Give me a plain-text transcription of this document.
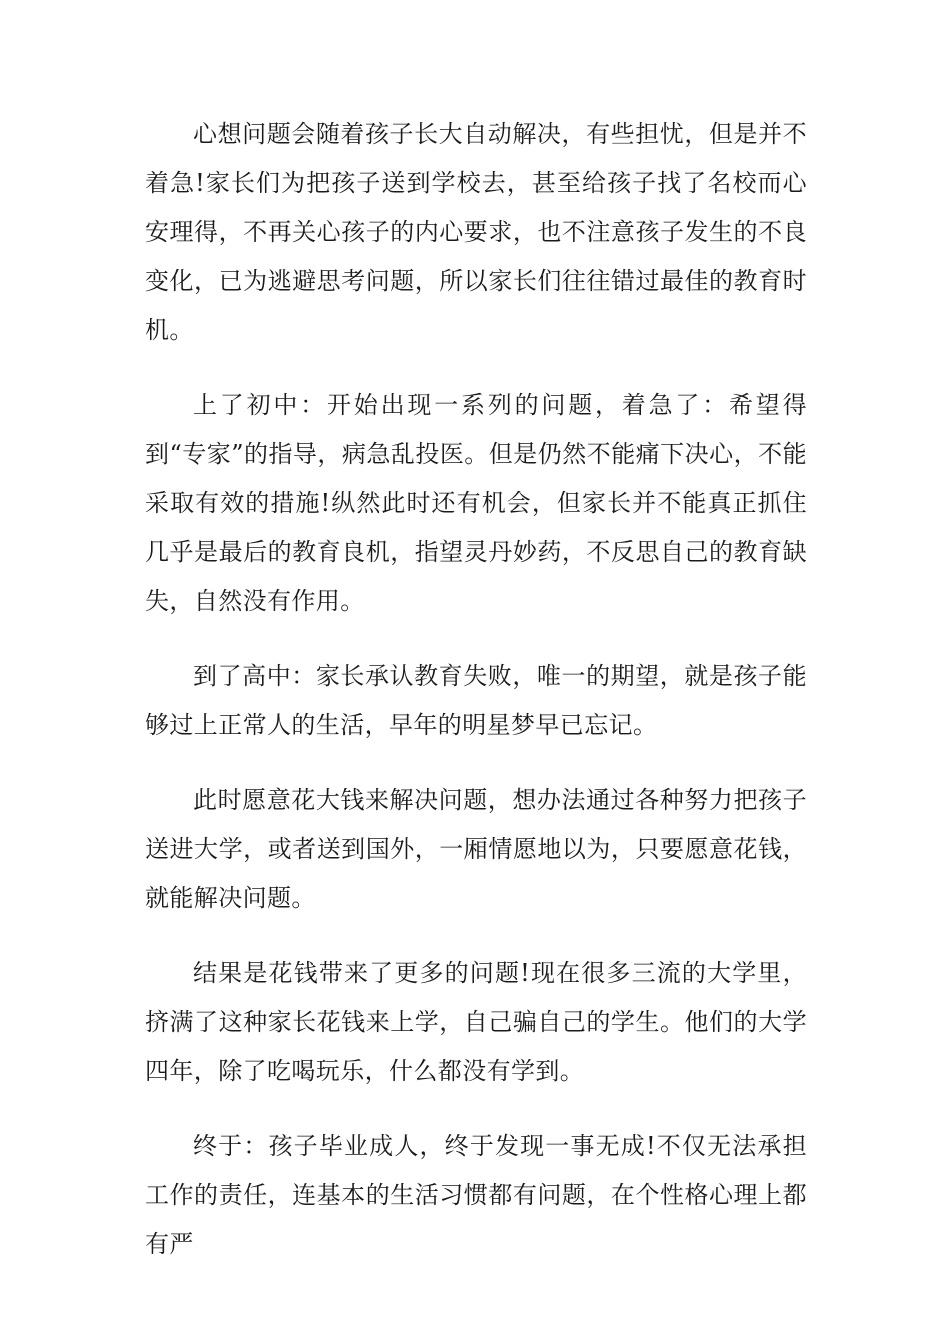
心想问题会随着孩子长大自动解决，有些担忧，但是并不着急!家长们为把孩子送到学校去，甚至给孩子找了名校而心安理得，不再关心孩子的内心要求，也不注意孩子发生的不良变化，已为逃避思考问题，所以家长们往往错过最佳的教育时机。

上了初中：开始出现一系列的问题，着急了：希望得到“专家”的指导，病急乱投医。但是仍然不能痛下决心，不能采取有效的措施!纵然此时还有机会，但家长并不能真正抓住几乎是最后的教育良机，指望灵丹妙药，不反思自己的教育缺失，自然没有作用。

到了高中：家长承认教育失败，唯一的期望，就是孩子能够过上正常人的生活，早年的明星梦早已忘记。

此时愿意花大钱来解决问题，想办法通过各种努力把孩子送进大学，或者送到国外，一厢情愿地以为，只要愿意花钱，就能解决问题。

结果是花钱带来了更多的问题!现在很多三流的大学里，挤满了这种家长花钱来上学，自己骗自己的学生。他们的大学四年，除了吃喝玩乐，什么都没有学到。

终于：孩子毕业成人，终于发现一事无成!不仅无法承担工作的责任，连基本的生活习惯都有问题，在个性格心理上都有严
